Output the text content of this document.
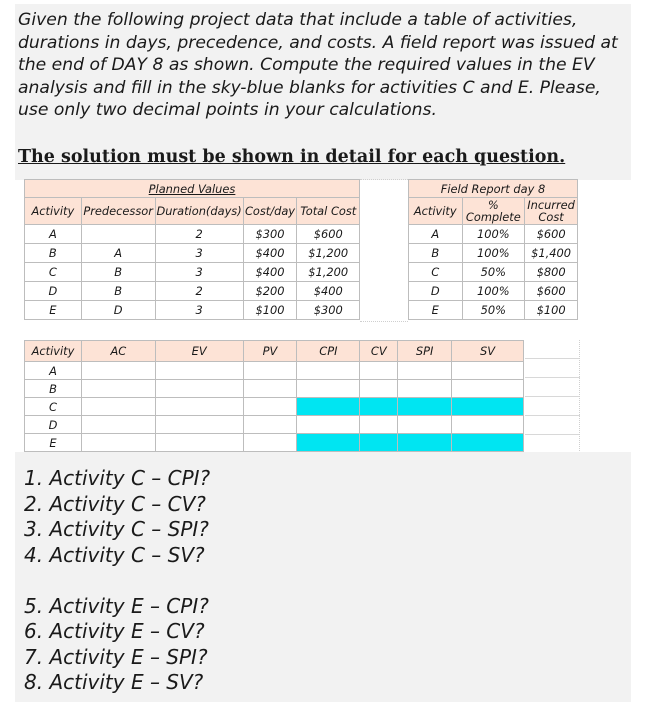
Given the following project data that include a table of activities, durations in days, precedence, and costs. A field report was issued at the end of DAY 8 as shown. Compute the required values in the EV analysis and fill in the sky-blue blanks for activities C and E. Please, use only two decimal points in your calculations.

The solution must be shown in detail for each question.

Planned Values				
Activity	Predecessor	Duration(days)	Cost/day	Total Cost
A		2	$300	$600
B	A	3	$400	$1,200
C	B	3	$400	$1,200
D	B	2	$200	$400
E	D	3	$100	$300
Field Report day 8		
Activity	% Complete	Incurred Cost
A	100%	$600
B	100%	$1,400
C	50%	$800
D	100%	$600
E	50%	$100
Activity	AC	EV	PV	CPI	CV	SPI	SV
A							
B							
C							
D							
E							
1. Activity C – CPI?
2. Activity C – CV?
3. Activity C – SPI?
4. Activity C – SV?
5. Activity E – CPI?
6. Activity E – CV?
7. Activity E – SPI?
8. Activity E – SV?
